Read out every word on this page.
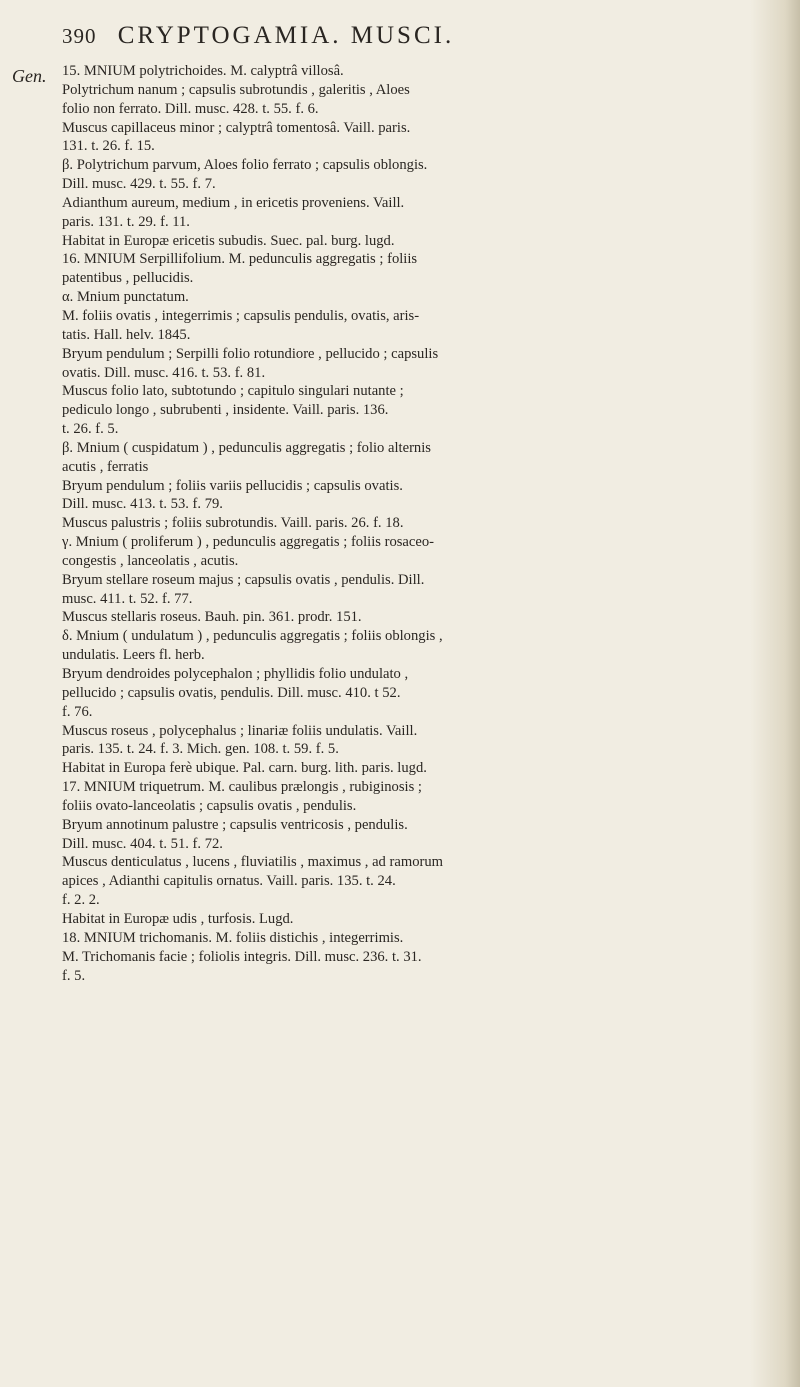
390 CRYPTOGAMIA. MUSCI.
Gen. 15. MNIUM polytrichoides. M. calyptrâ villosâ.
Polytrichum nanum ; capsulis subrotundis , galeritis , Aloes
folio non ferrato. Dill. musc. 428. t. 55. f. 6.
Muscus capillaceus minor ; calyptrâ tomentosâ. Vaill. paris.
131. t. 26. f. 15.
β. Polytrichum parvum, Aloes folio ferrato ; capsulis oblongis.
Dill. musc. 429. t. 55. f. 7.
Adianthum aureum, medium , in ericetis proveniens. Vaill.
paris. 131. t. 29. f. 11.
Habitat in Europæ ericetis subudis. Suec. pal. burg. lugd.
16. MNIUM Serpillifolium. M. pedunculis aggregatis ; foliis
patentibus , pellucidis.
α. Mnium punctatum.
M. foliis ovatis , integerrimis ; capsulis pendulis, ovatis, aris-
tatis. Hall. helv. 1845.
Bryum pendulum ; Serpilli folio rotundiore , pellucido ; capsulis
ovatis. Dill. musc. 416. t. 53. f. 81.
Muscus folio lato, subtotundo ; capitulo singulari nutante ;
pediculo longo , subrubenti , insidente. Vaill. paris. 136.
t. 26. f. 5.
β. Mnium ( cuspidatum ) , pedunculis aggregatis ; folio alternis
acutis , ferratis
Bryum pendulum ; foliis variis pellucidis ; capsulis ovatis.
Dill. musc. 413. t. 53. f. 79.
Muscus palustris ; foliis subrotundis. Vaill. paris. 26. f. 18.
γ. Mnium ( proliferum ) , pedunculis aggregatis ; foliis rosaceo-
congestis , lanceolatis , acutis.
Bryum stellare roseum majus ; capsulis ovatis , pendulis. Dill.
musc. 411. t. 52. f. 77.
Muscus stellaris roseus. Bauh. pin. 361. prodr. 151.
δ. Mnium ( undulatum ) , pedunculis aggregatis ; foliis oblongis ,
undulatis. Leers fl. herb.
Bryum dendroides polycephalon ; phyllidis folio undulato ,
pellucido ; capsulis ovatis, pendulis. Dill. musc. 410. t 52.
f. 76.
Muscus roseus , polycephalus ; linariæ foliis undulatis. Vaill.
paris. 135. t. 24. f. 3. Mich. gen. 108. t. 59. f. 5.
Habitat in Europa ferè ubique. Pal. carn. burg. lith. paris. lugd.
17. MNIUM triquetrum. M. caulibus prælongis , rubiginosis ;
foliis ovato-lanceolatis ; capsulis ovatis , pendulis.
Bryum annotinum palustre ; capsulis ventricosis , pendulis.
Dill. musc. 404. t. 51. f. 72.
Muscus denticulatus , lucens , fluviatilis , maximus , ad ramorum
apices , Adianthi capitulis ornatus. Vaill. paris. 135. t. 24.
f. 2. 2.
Habitat in Europæ udis , turfosis. Lugd.
18. MNIUM trichomanis. M. foliis distichis , integerrimis.
M. Trichomanis facie ; foliolis integris. Dill. musc. 236. t. 31.
f. 5.
